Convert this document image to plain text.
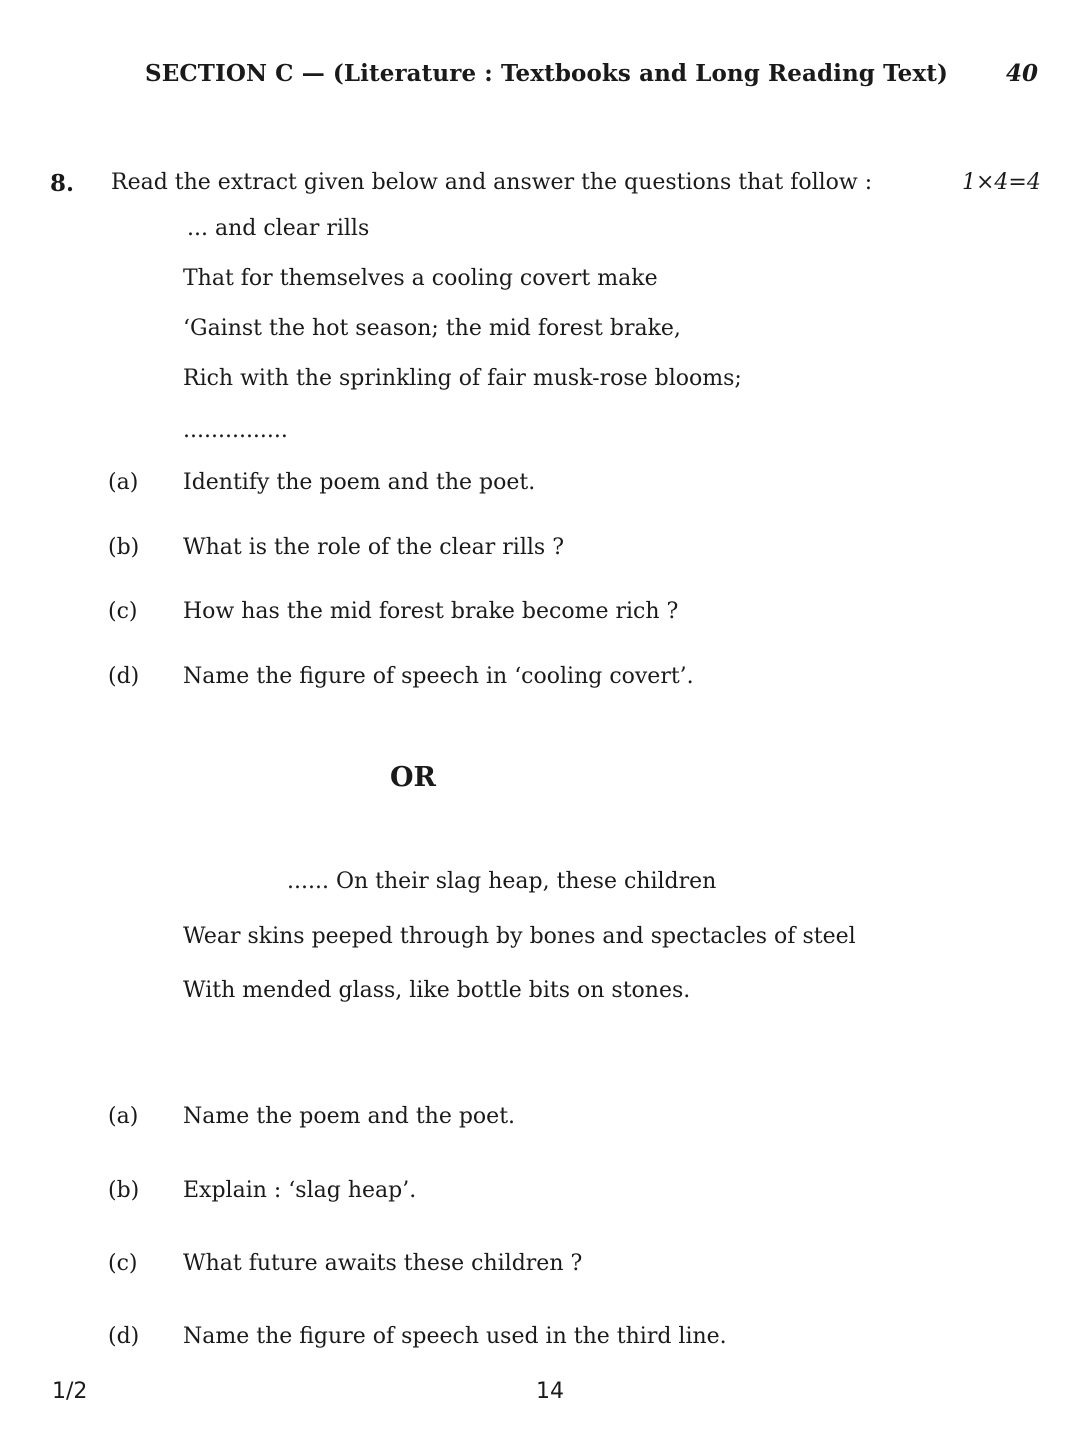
SECTION C — (Literature : Textbooks and Long Reading Text)	40
8. Read the extract given below and answer the questions that follow :	1×4=4
... and clear rills
That for themselves a cooling covert make
‘Gainst the hot season; the mid forest brake,
Rich with the sprinkling of fair musk-rose blooms;
...............
(a) Identify the poem and the poet.
(b) What is the role of the clear rills ?
(c) How has the mid forest brake become rich ?
(d) Name the figure of speech in ‘cooling covert’.
OR
...... On their slag heap, these children
Wear skins peeped through by bones and spectacles of steel
With mended glass, like bottle bits on stones.
(a) Name the poem and the poet.
(b) Explain : ‘slag heap’.
(c) What future awaits these children ?
(d) Name the figure of speech used in the third line.
1/2	14
